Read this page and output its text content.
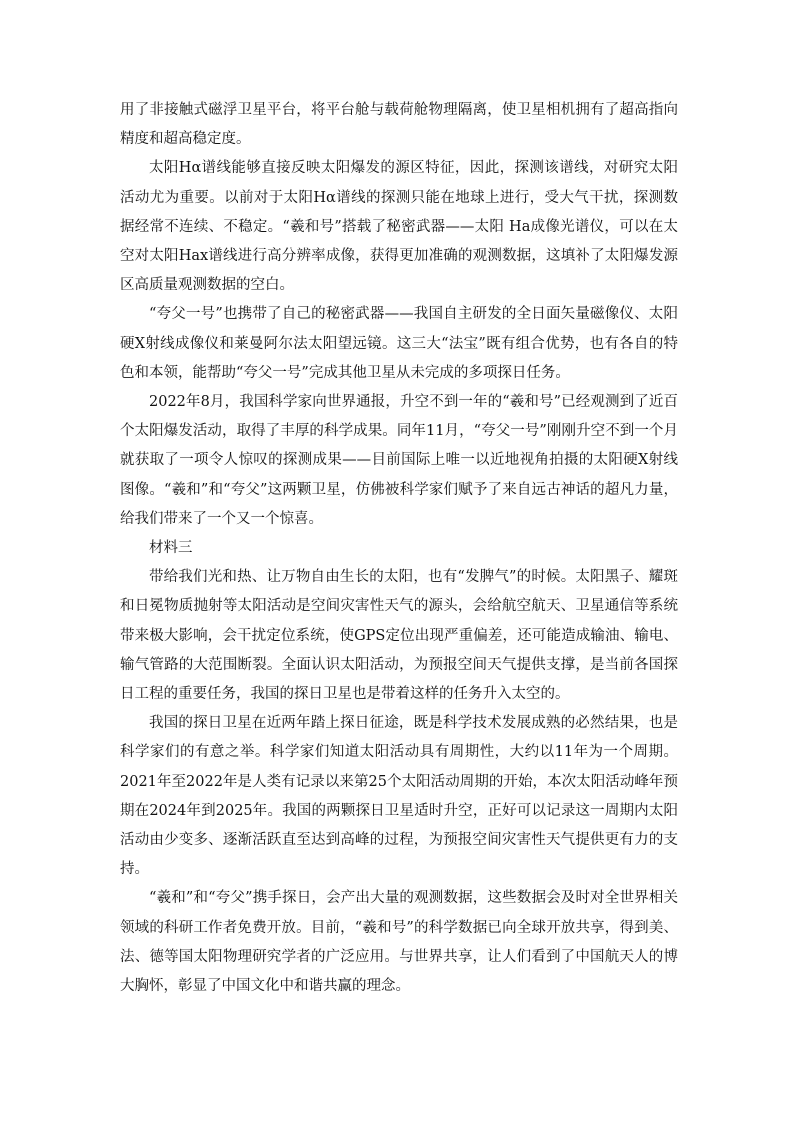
用了非接触式磁浮卫星平台，将平台舱与载荷舱物理隔离，使卫星相机拥有了超高指向精度和超高稳定度。

太阳Hα谱线能够直接反映太阳爆发的源区特征，因此，探测该谱线，对研究太阳活动尤为重要。以前对于太阳Hα谱线的探测只能在地球上进行，受大气干扰，探测数据经常不连续、不稳定。“羲和号”搭载了秘密武器——太阳 Ha成像光谱仪，可以在太空对太阳Hax谱线进行高分辨率成像，获得更加准确的观测数据，这填补了太阳爆发源区高质量观测数据的空白。

“夸父一号”也携带了自己的秘密武器——我国自主研发的全日面矢量磁像仪、太阳硬X射线成像仪和莱曼阿尔法太阳望远镜。这三大“法宝”既有组合优势，也有各自的特色和本领，能帮助“夸父一号”完成其他卫星从未完成的多项探日任务。

2022年8月，我国科学家向世界通报，升空不到一年的“羲和号”已经观测到了近百个太阳爆发活动，取得了丰厚的科学成果。同年11月，“夸父一号”刚刚升空不到一个月就获取了一项令人惊叹的探测成果——目前国际上唯一以近地视角拍摄的太阳硬X射线图像。“羲和”和“夸父”这两颗卫星，仿佛被科学家们赋予了来自远古神话的超凡力量，给我们带来了一个又一个惊喜。

材料三

带给我们光和热、让万物自由生长的太阳，也有“发脾气”的时候。太阳黑子、耀斑和日冕物质抛射等太阳活动是空间灾害性天气的源头，会给航空航天、卫星通信等系统带来极大影响，会干扰定位系统，使GPS定位出现严重偏差，还可能造成输油、输电、输气管路的大范围断裂。全面认识太阳活动，为预报空间天气提供支撑，是当前各国探日工程的重要任务，我国的探日卫星也是带着这样的任务升入太空的。

我国的探日卫星在近两年踏上探日征途，既是科学技术发展成熟的必然结果，也是科学家们的有意之举。科学家们知道太阳活动具有周期性，大约以11年为一个周期。2021年至2022年是人类有记录以来第25个太阳活动周期的开始，本次太阳活动峰年预期在2024年到2025年。我国的两颗探日卫星适时升空，正好可以记录这一周期内太阳活动由少变多、逐渐活跃直至达到高峰的过程，为预报空间灾害性天气提供更有力的支持。

“羲和”和“夸父”携手探日，会产出大量的观测数据，这些数据会及时对全世界相关领域的科研工作者免费开放。目前，“羲和号”的科学数据已向全球开放共享，得到美、法、德等国太阳物理研究学者的广泛应用。与世界共享，让人们看到了中国航天人的博大胸怀，彰显了中国文化中和谐共赢的理念。
